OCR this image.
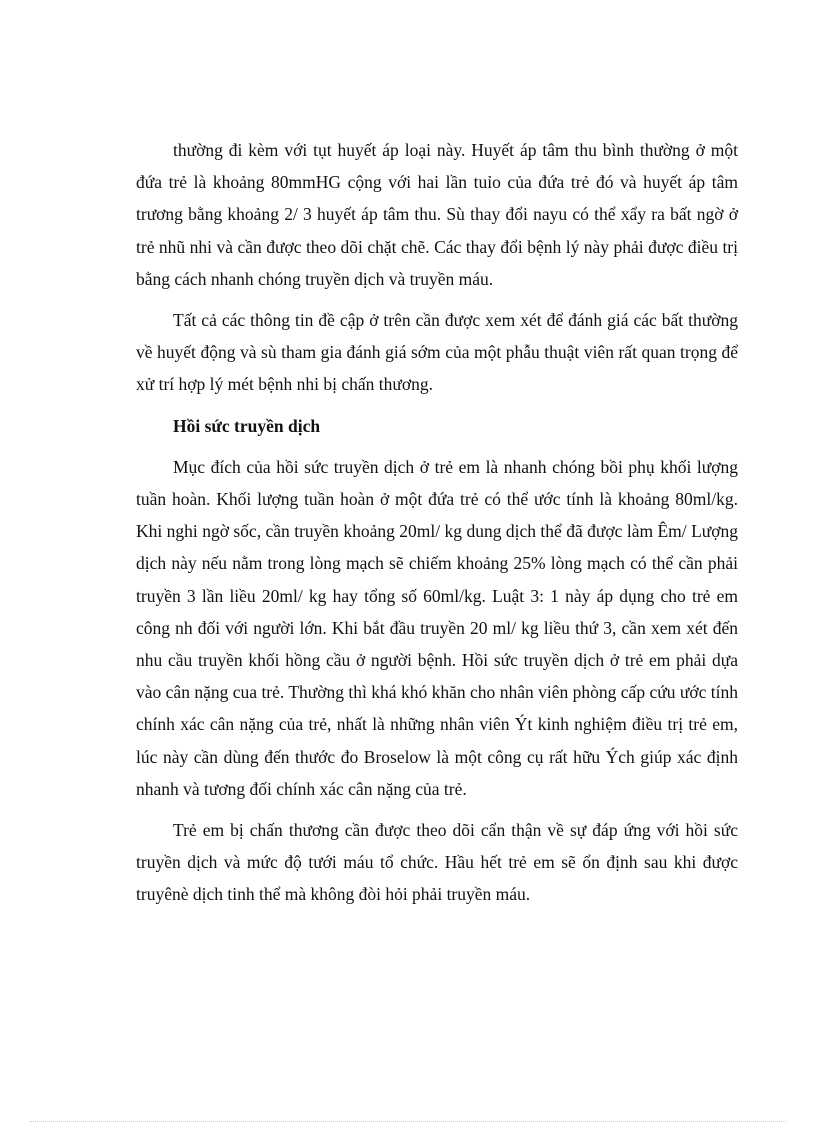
thường đi kèm với tụt huyết áp loại này. Huyết áp tâm thu bình thường ở một đứa trẻ là khoảng 80mmHG cộng với hai lần tuỉo của đứa trẻ đó và huyết áp tâm trương bằng khoảng 2/ 3 huyết áp tâm thu. Sù thay đổi nayu có thể xẩy ra bất ngờ ở trẻ nhũ nhi và cần được theo dõi chặt chẽ. Các thay đổi bệnh lý này phải được điều trị bằng cách nhanh chóng truyền dịch và truyền máu.

Tất cả các thông tin đề cập ở trên cần được xem xét để đánh giá các bất thường về huyết động và sù tham gia đánh giá sớm của một phẫu thuật viên rất quan trọng để xử trí hợp lý mét bệnh nhi bị chấn thương.

Hồi sức truyền dịch

Mục đích của hồi sức truyền dịch ở trẻ em là nhanh chóng bồi phụ khối lượng tuần hoàn. Khối lượng tuần hoàn ở một đứa trẻ có thể ước tính là khoảng 80ml/kg. Khi nghi ngờ sốc, cần truyền khoảng 20ml/ kg dung dịch thể đã được làm Êm/ Lượng dịch này nếu nằm trong lòng mạch sẽ chiếm khoảng 25% lòng mạch có thể cần phải truyền 3 lần liều 20ml/ kg hay tổng số 60ml/kg. Luật 3: 1 này áp dụng cho trẻ em công nh đối với người lớn. Khi bắt đầu truyền 20 ml/ kg liều thứ 3, cần xem xét đến nhu cầu truyền khối hồng cầu ở người bệnh. Hồi sức truyền dịch ở trẻ em phải dựa vào cân nặng cua trẻ. Thường thì khá khó khăn cho nhân viên phòng cấp cứu ước tính chính xác cân nặng của trẻ, nhất là những nhân viên Ýt kinh nghiệm điều trị trẻ em, lúc này cần dùng đến thước đo Broselow là một công cụ rất hữu Ých giúp xác định nhanh và tương đối chính xác cân nặng của trẻ.

Trẻ em bị chấn thương cần được theo dõi cẩn thận về sự đáp ứng với hồi sức truyền dịch và mức độ tưới máu tổ chức. Hầu hết trẻ em sẽ ổn định sau khi được truyênè dịch tinh thể mà không đòi hỏi phải truyền máu.
